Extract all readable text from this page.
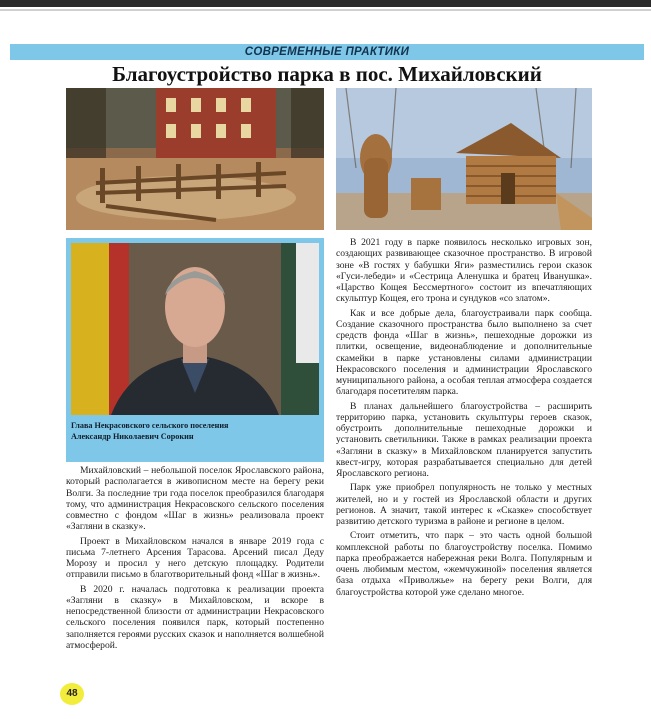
СОВРЕМЕННЫЕ ПРАКТИКИ
Благоустройство парка в пос. Михайловский
Глава Некрасовского сельского поселения
Александр Николаевич Сорокин

Михайловский – небольшой поселок Ярославского района, который располагается в живописном месте на берегу реки Волги. За последние три года поселок преобразился благодаря тому, что администрация Некрасовского сельского поселения совместно с фондом «Шаг в жизнь» реализовала проект «Загляни в сказку».

Проект в Михайловском начался в январе 2019 года с письма 7-летнего Арсения Тарасова. Арсений писал Деду Морозу и просил у него детскую площадку. Родители отправили письмо в благотворительный фонд «Шаг в жизнь».

В 2020 г. началась подготовка к реализации проекта «Загляни в сказку» в Михайловском, и вскоре в непосредственной близости от администрации Некрасовского сельского поселения появился парк, который постепенно заполняется героями русских сказок и наполняется волшебной атмосферой.

В 2021 году в парке появилось несколько игровых зон, создающих развивающее сказочное пространство. В игровой зоне «В гостях у бабушки Яги» разместились герои сказок «Гуси-лебеди» и «Сестрица Аленушка и братец Иванушка». «Царство Кощея Бессмертного» состоит из впечатляющих скульптур Кощея, его трона и сундуков «со златом».

Как и все добрые дела, благоустраивали парк сообща. Создание сказочного пространства было выполнено за счет средств фонда «Шаг в жизнь», пешеходные дорожки из плитки, освещение, видеонаблюдение и дополнительные скамейки в парке установлены силами администрации Некрасовского поселения и администрации Ярославского муниципального района, а особая теплая атмосфера создается благодаря посетителям парка.

В планах дальнейшего благоустройства – расширить территорию парка, установить скульптуры героев сказок, обустроить дополнительные пешеходные дорожки и установить светильники. Также в рамках реализации проекта «Загляни в сказку» в Михайловском планируется запустить квест-игру, которая разрабатывается специально для детей Ярославского региона.

Парк уже приобрел популярность не только у местных жителей, но и у гостей из Ярославской области и других регионов. А значит, такой интерес к «Сказке» способствует развитию детского туризма в районе и регионе в целом.

Стоит отметить, что парк – это часть одной большой комплексной работы по благоустройству поселка. Помимо парка преображается набережная реки Волга. Популярным и очень любимым местом, «жемчужиной» поселения является база отдыха «Приволжье» на берегу реки Волги, для благоустройства которой уже сделано многое.

48
